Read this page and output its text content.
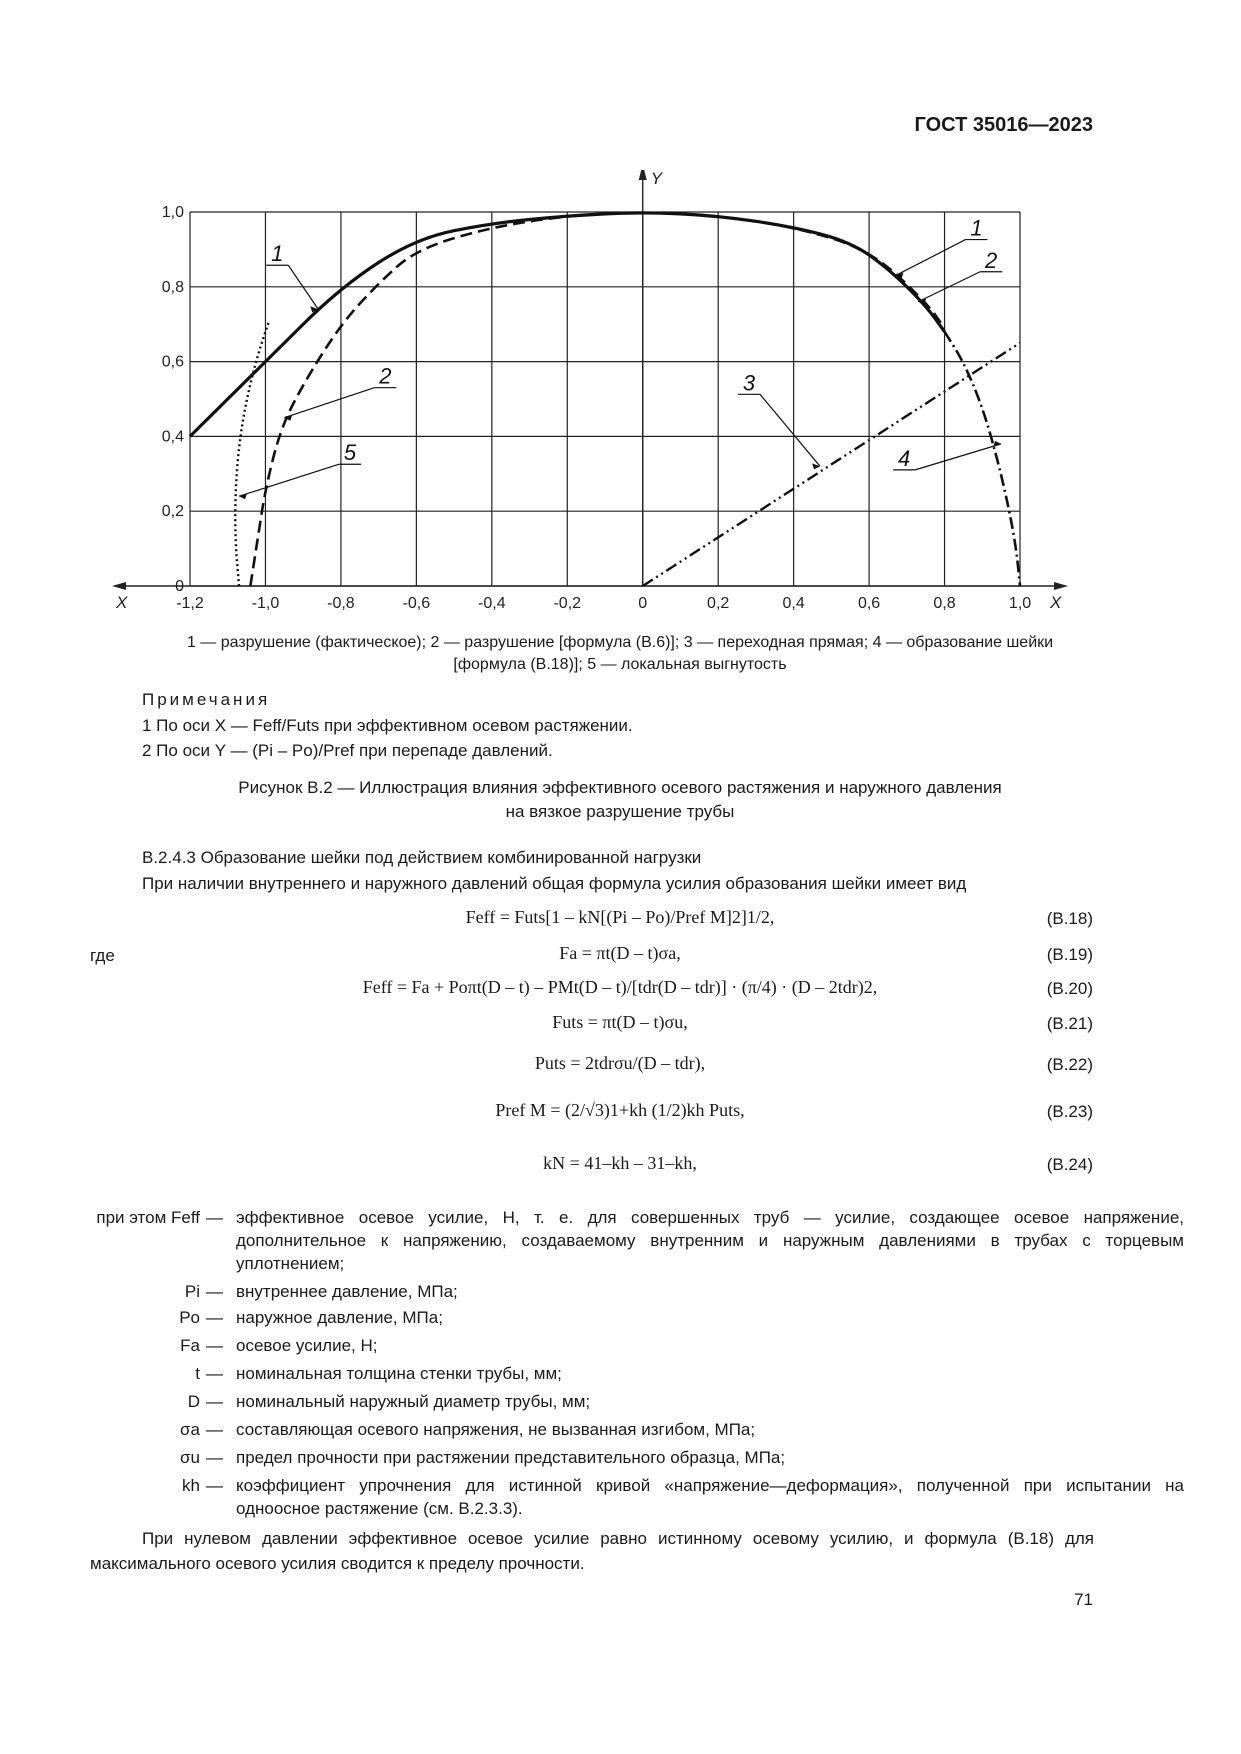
ГОСТ 35016—2023
-1,2	-1,0	-0,8	-0,6	-0,4	-0,2	0	0,2	0,4	0,6	0,8	1,0
0
0,2
0,4
0,6
0,8
1,0
X	X
Y
1
2
5
1
2
3
4
1 — разрушение (фактическое); 2 — разрушение [формула (В.6)]; 3 — переходная прямая; 4 — образование шейки
[формула (В.18)]; 5 — локальная выгнутость
Примечания
1 По оси X — Feff/Futs при эффективном осевом растяжении.
2 По оси Y — (Pi – Po)/Pref при перепаде давлений.
Рисунок В.2 — Иллюстрация влияния эффективного осевого растяжения и наружного давления
на вязкое разрушение трубы
В.2.4.3 Образование шейки под действием комбинированной нагрузки
При наличии внутреннего и наружного давлений общая формула усилия образования шейки имеет вид
Feff = Futs[1 – kN[(Pi – Po)/Pref M]2]1/2,	(В.18)
где	Fa = πt(D – t)σa,	(В.19)
Feff = Fa + Poπt(D – t) – PMt(D – t)/[tdr(D – tdr)] · (π/4) · (D – 2tdr)2,	(В.20)
Futs = πt(D – t)σu,	(В.21)
Puts = 2tdrσu/(D – tdr),	(В.22)
Pref M = (2/√3)1+kh (1/2)kh Puts,	(В.23)
kN = 41–kh – 31–kh,	(В.24)
при этом Feff — эффективное осевое усилие, Н, т. е. для совершенных труб — усилие, создающее осевое напряжение, дополнительное к напряжению, создаваемому внутренним и наружным давлениями в трубах с торцевым уплотнением;
Pi — внутреннее давление, МПа;
Po — наружное давление, МПа;
Fa — осевое усилие, Н;
t — номинальная толщина стенки трубы, мм;
D — номинальный наружный диаметр трубы, мм;
σa — составляющая осевого напряжения, не вызванная изгибом, МПа;
σu — предел прочности при растяжении представительного образца, МПа;
kh — коэффициент упрочнения для истинной кривой «напряжение—деформация», полученной при испытании на одноосное растяжение (см. В.2.3.3).
При нулевом давлении эффективное осевое усилие равно истинному осевому усилию, и формула (В.18) для максимального осевого усилия сводится к пределу прочности.
71
